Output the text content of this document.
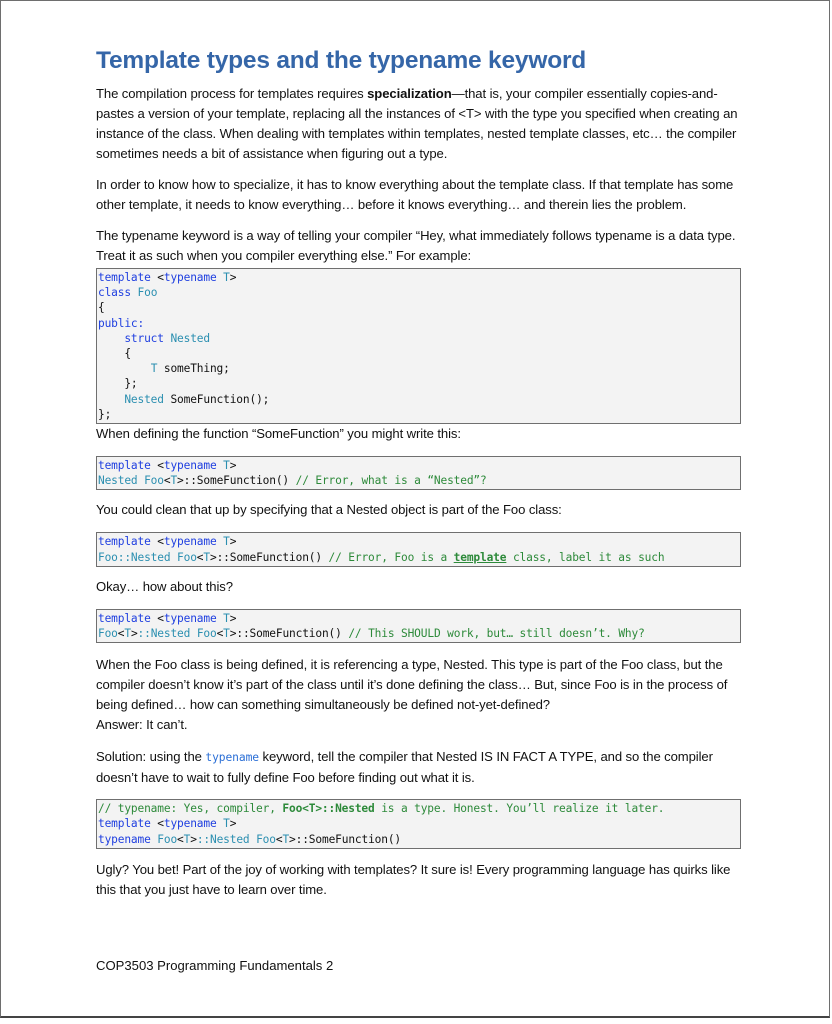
Template types and the typename keyword

The compilation process for templates requires specialization—that is, your compiler essentially copies-and-pastes a version of your template, replacing all the instances of <T> with the type you specified when creating an instance of the class. When dealing with templates within templates, nested template classes, etc… the compiler sometimes needs a bit of assistance when figuring out a type.

In order to know how to specialize, it has to know everything about the template class. If that template has some other template, it needs to know everything… before it knows everything… and therein lies the problem.

The typename keyword is a way of telling your compiler “Hey, what immediately follows typename is a data type. Treat it as such when you compiler everything else.” For example:

template <typename T>
class Foo
{
public:
struct Nested
{
T someThing;
};
Nested SomeFunction();
};

When defining the function “SomeFunction” you might write this:

template <typename T>
Nested Foo<T>::SomeFunction() // Error, what is a “Nested”?

You could clean that up by specifying that a Nested object is part of the Foo class:

template <typename T>
Foo::Nested Foo<T>::SomeFunction() // Error, Foo is a template class, label it as such

Okay… how about this?

template <typename T>
Foo<T>::Nested Foo<T>::SomeFunction() // This SHOULD work, but… still doesn’t. Why?

When the Foo class is being defined, it is referencing a type, Nested. This type is part of the Foo class, but the compiler doesn’t know it’s part of the class until it’s done defining the class… But, since Foo is in the process of being defined… how can something simultaneously be defined not-yet-defined?

Answer: It can’t.

Solution: using the typename keyword, tell the compiler that Nested IS IN FACT A TYPE, and so the compiler doesn’t have to wait to fully define Foo before finding out what it is.

// typename: Yes, compiler, Foo<T>::Nested is a type. Honest. You’ll realize it later.
template <typename T>
typename Foo<T>::Nested Foo<T>::SomeFunction()

Ugly? You bet! Part of the joy of working with templates? It sure is! Every programming language has quirks like this that you just have to learn over time.

COP3503 Programming Fundamentals 2
